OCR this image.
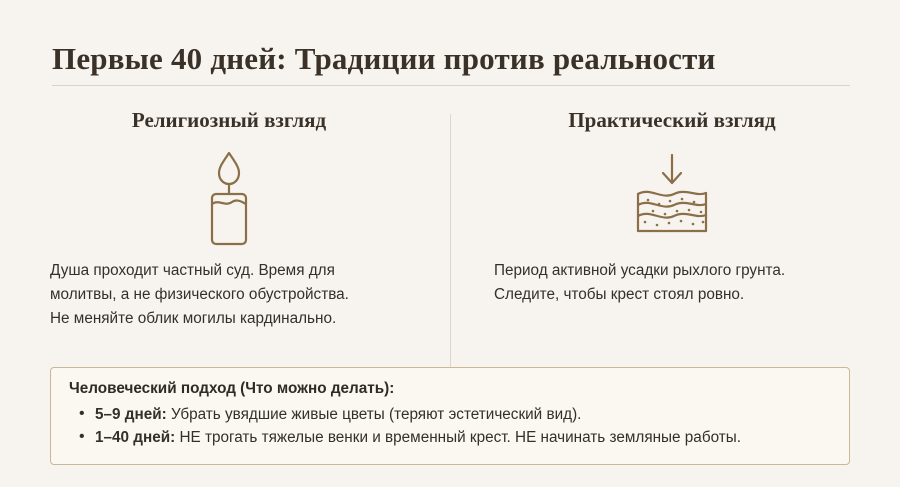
Первые 40 дней: Традиции против реальности
Религиозный взгляд

Душа проходит частный суд. Время для
молитвы, а не физического обустройства.
Не меняйте облик могилы кардинально.

Практический взгляд

Период активной усадки рыхлого грунта.
Следите, чтобы крест стоял ровно.

Человеческий подход (Что можно делать):
• 5–9 дней: Убрать увядшие живые цветы (теряют эстетический вид).
• 1–40 дней: НЕ трогать тяжелые венки и временный крест. НЕ начинать земляные работы.
